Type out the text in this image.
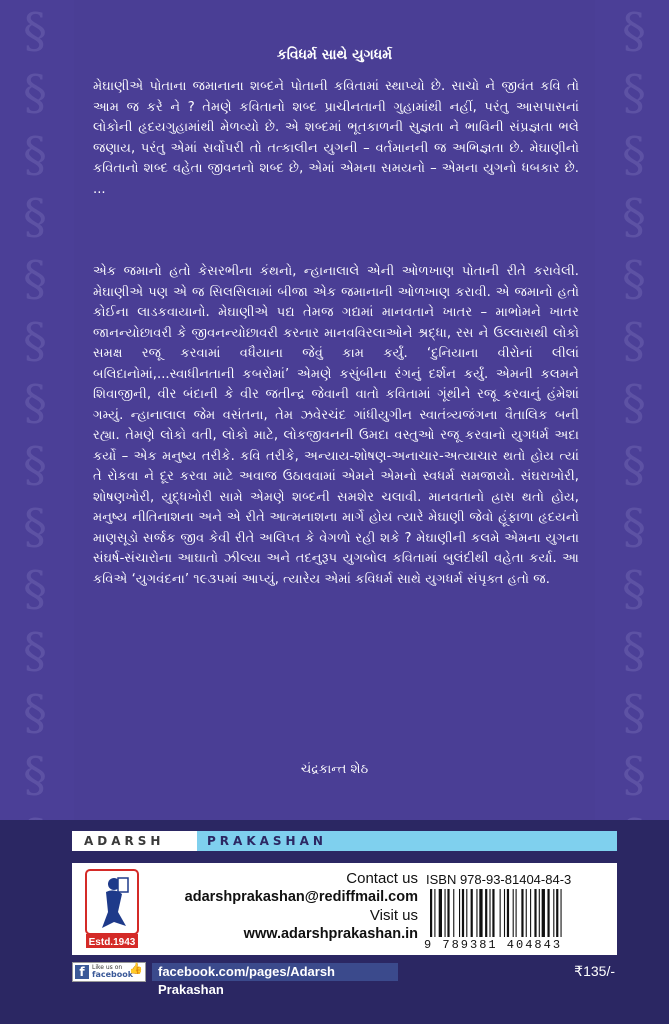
§
§
§
§
§
§
§
§
§
§
§
§
§
§
§
§
§
§
§
§
§
§
§
§
§
§
કવિધર્મ સાથે યુગધર્મ

મેઘાણીએ પોતાના જમાનાના શબ્દને પોતાની કવિતામાં સ્થાપ્યો છે. સાચો ને જીવંત કવિ તો આમ જ કરે ને ? તેમણે કવિતાનો શબ્દ પ્રાચીનતાની ગુહામાંથી નહીં, પરંતુ આસપાસનાં લોકોની હૃદયગુહામાંથી મેળવ્યો છે. એ શબ્દમાં ભૂતકાળની સુજ્ઞતા ને ભાવિની સંપ્રજ્ઞતા ભલે જણાય, પરંતુ એમાં સર્વોપરી તો તત્કાલીન યુગની – વર્તમાનની જ અભિજ્ઞતા છે. મેઘાણીનો કવિતાનો શબ્દ વહેતા જીવનનો શબ્દ છે, એમાં એમના સમયનો – એમના યુગનો ધબકાર છે. ...

એક જમાનો હતો કેસરભીના કંથનો, ન્હાનાલાલે એની ઓળખાણ પોતાની રીતે કરાવેલી. મેઘાણીએ પણ એ જ સિલસિલામાં બીજા એક જમાનાની ઓળખાણ કરાવી. એ જમાનો હતો કોઈના લાડકવાયાનો. મેઘાણીએ પદ્ય તેમજ ગદ્યમાં માનવતાને ખાતર – માભોમને ખાતર જાનન્યોછાવરી કે જીવનન્યોછાવરી કરનાર માનવવિરલાઓને શ્રદ્ધા, રસ ને ઉલ્લાસથી લોકો સમક્ષ રજૂ કરવામાં વધૈયાના જેવું કામ કર્યું. ‘દુનિયાના વીરોનાં લીલાં બલિદાનોમાં,...સ્વાધીનતાની કબરોમાં’ એમણે કસુંબીના રંગનું દર્શન કર્યું. એમની કલમને શિવાજીની, વીર બંદાની કે વીર જતીન્દ્ર જેવાની વાતો કવિતામાં ગૂંથીને રજૂ કરવાનું હંમેશાં ગમ્યું. ન્હાનાલાલ જેમ વસંતના, તેમ ઝવેરચંદ ગાંધીયુગીન સ્વાતંત્ર્યજંગના વૈતાલિક બની રહ્યા. તેમણે લોકો વતી, લોકો માટે, લોકજીવનની ઉમદા વસ્તુઓ રજૂ કરવાનો યુગધર્મ અદા કર્યો – એક મનુષ્ય તરીકે. કવિ તરીકે, અન્યાય-શોષણ-અનાચાર-અત્યાચાર થતો હોય ત્યાં તે રોકવા ને દૂર કરવા માટે અવાજ ઉઠાવવામાં એમને એમનો સ્વધર્મ સમજાયો. સંઘરાખોરી, શોષણખોરી, યુદ્ધખોરી સામે એમણે શબ્દની સમશેર ચલાવી. માનવતાનો હ્રાસ થતો હોય, મનુષ્ય નીતિનાશના અને એ રીતે આત્મનાશના માર્ગે હોય ત્યારે મેઘાણી જેવો હૂંફાળા હૃદયનો માણસૂડો સર્જક જીવ કેવી રીતે અલિપ્ત કે વેગળો રહી શકે ? મેઘાણીની કલમે એમના યુગના સંઘર્ષ-સંચારોના આઘાતો ઝીલ્યા અને તદનુરૂપ યુગબોલ કવિતામાં બુલંદીથી વહેતા કર્યા. આ કવિએ ‘યુગવંદના’ ૧૯૩૫માં આપ્યું, ત્યારેય એમાં કવિધર્મ સાથે યુગધર્મ સંપૃક્ત હતો જ.

ચંદ્રકાન્ત શેઠ
ADARSH	PRAKASHAN
Estd.1943
Contact us
adarshprakashan@rediffmail.com
Visit us
www.adarshprakashan.in
ISBN 978-93-81404-84-3
9 789381 404843
f	Like us on
facebook
👍	facebook.com/pages/Adarsh Prakashan
₹135/-
